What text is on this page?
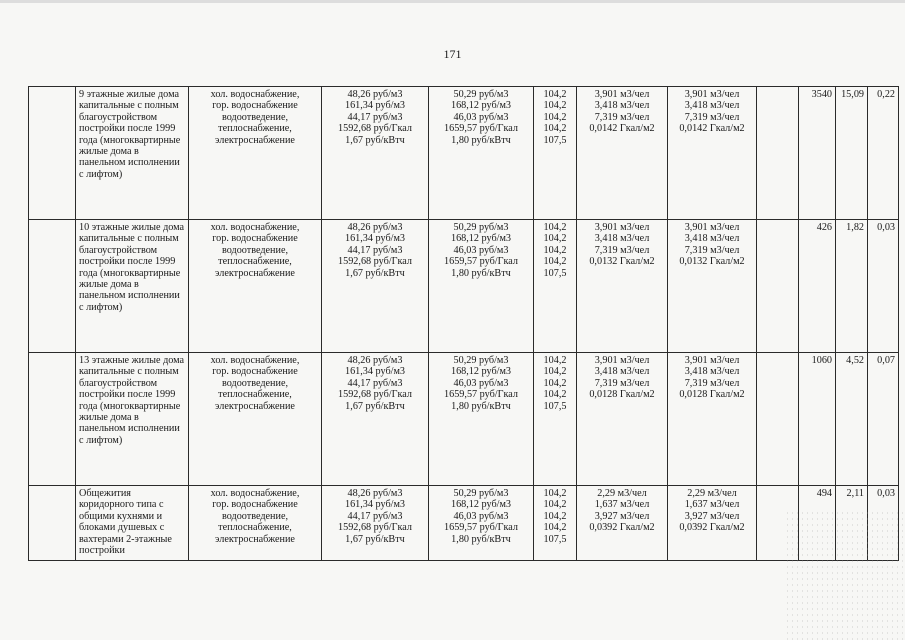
171
	9 этажные жилые дома капитальные с полным благоустройством постройки после 1999 года (многоквартирные жилые дома в панельном исполнении с лифтом)	хол. водоснабжение,
гор. водоснабжение
водоотведение,
теплоснабжение,
электроснабжение	48,26 руб/м3
161,34 руб/м3
44,17 руб/м3
1592,68 руб/Гкал
1,67 руб/кВтч	50,29 руб/м3
168,12 руб/м3
46,03 руб/м3
1659,57 руб/Гкал
1,80 руб/кВтч	104,2
104,2
104,2
104,2
107,5	3,901 м3/чел
3,418 м3/чел
7,319 м3/чел
0,0142 Гкал/м2	3,901 м3/чел
3,418 м3/чел
7,319 м3/чел
0,0142 Гкал/м2		3540	15,09	0,22
	10 этажные жилые дома капитальные с полным благоустройством постройки после 1999 года (многоквартирные жилые дома в панельном исполнении с лифтом)	хол. водоснабжение,
гор. водоснабжение
водоотведение,
теплоснабжение,
электроснабжение	48,26 руб/м3
161,34 руб/м3
44,17 руб/м3
1592,68 руб/Гкал
1,67 руб/кВтч	50,29 руб/м3
168,12 руб/м3
46,03 руб/м3
1659,57 руб/Гкал
1,80 руб/кВтч	104,2
104,2
104,2
104,2
107,5	3,901 м3/чел
3,418 м3/чел
7,319 м3/чел
0,0132 Гкал/м2	3,901 м3/чел
3,418 м3/чел
7,319 м3/чел
0,0132 Гкал/м2		426	1,82	0,03
	13 этажные жилые дома капитальные с полным благоустройством постройки после 1999 года (многоквартирные жилые дома в панельном исполнении с лифтом)	хол. водоснабжение,
гор. водоснабжение
водоотведение,
теплоснабжение,
электроснабжение	48,26 руб/м3
161,34 руб/м3
44,17 руб/м3
1592,68 руб/Гкал
1,67 руб/кВтч	50,29 руб/м3
168,12 руб/м3
46,03 руб/м3
1659,57 руб/Гкал
1,80 руб/кВтч	104,2
104,2
104,2
104,2
107,5	3,901 м3/чел
3,418 м3/чел
7,319 м3/чел
0,0128 Гкал/м2	3,901 м3/чел
3,418 м3/чел
7,319 м3/чел
0,0128 Гкал/м2		1060	4,52	0,07
	Общежития коридорного типа с общими кухнями и блоками душевых с вахтерами 2-этажные постройки	хол. водоснабжение,
гор. водоснабжение
водоотведение,
теплоснабжение,
электроснабжение	48,26 руб/м3
161,34 руб/м3
44,17 руб/м3
1592,68 руб/Гкал
1,67 руб/кВтч	50,29 руб/м3
168,12 руб/м3
46,03 руб/м3
1659,57 руб/Гкал
1,80 руб/кВтч	104,2
104,2
104,2
104,2
107,5	2,29 м3/чел
1,637 м3/чел
3,927 м3/чел
0,0392 Гкал/м2	2,29 м3/чел
1,637 м3/чел
3,927 м3/чел
0,0392 Гкал/м2		494	2,11	0,03
